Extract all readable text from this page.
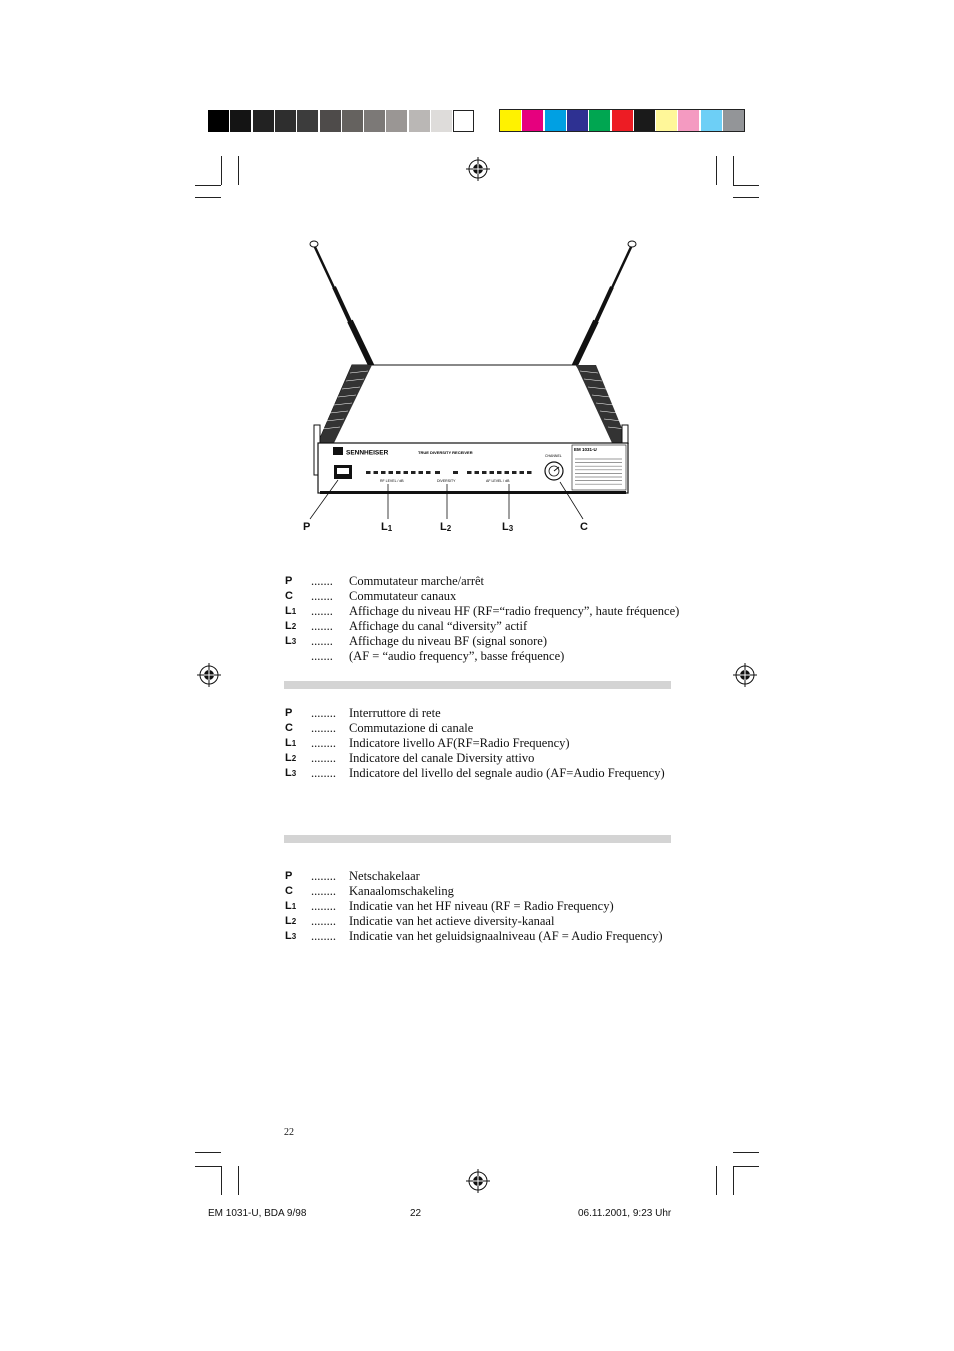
SENNHEISER	TRUE DIVERSITY RECEIVER
RF LEVEL / dB	DIVERSITY	AF LEVEL / dB
CHANNEL
EM 1031-U
P	$L_1$	$L_2$	$L_3$	C
P	.......	Commutateur marche/arrêt
C	.......	Commutateur canaux
L1	.......	Affichage du niveau HF (RF=“radio frequency”, haute fréquence)
L2	.......	Affichage du canal “diversity” actif
L3	.......	Affichage du niveau BF (signal sonore)
.......	(AF = “audio frequency”, basse fréquence)
P	........	Interruttore di rete
C	........	Commutazione di canale
L1	........	Indicatore livello AF(RF=Radio Frequency)
L2	........	Indicatore del canale Diversity attivo
L3	........	Indicatore del livello del segnale audio (AF=Audio Frequency)
P	........	Netschakelaar
C	........	Kanaalomschakeling
L1	........	Indicatie van het HF niveau (RF = Radio Frequency)
L2	........	Indicatie van het actieve diversity-kanaal
L3	........	Indicatie van het geluidsignaalniveau (AF = Audio Frequency)
22
EM 1031-U, BDA 9/98	22	06.11.2001, 9:23 Uhr
